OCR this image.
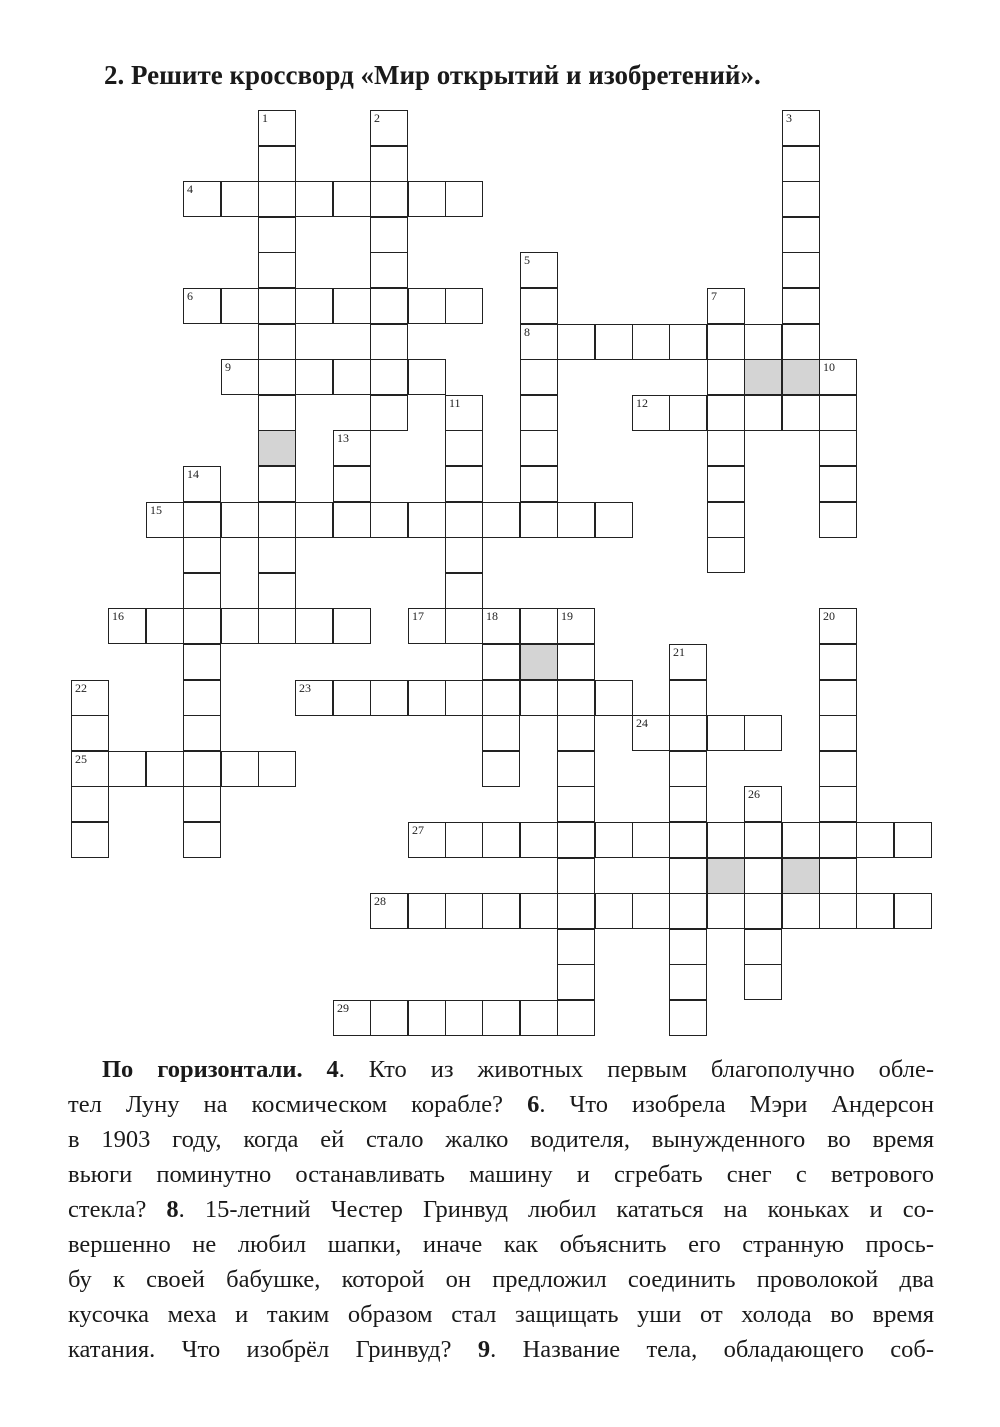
2. Решите кроссворд «Мир открытий и изобретений».
4
6
8
9
12
15
16	17	18	19
23
24
25
27
28
29
1	2	3
5
7
10
11
13
14
20
21
22
26
По горизонтали. 4. Кто из животных первым благополучно обле-
тел Луну на космическом корабле? 6. Что изобрела Мэри Андерсон
в 1903 году, когда ей стало жалко водителя, вынужденного во время
вьюги поминутно останавливать машину и сгребать снег с ветрового
стекла? 8. 15-летний Честер Гринвуд любил кататься на коньках и со-
вершенно не любил шапки, иначе как объяснить его странную прось-
бу к своей бабушке, которой он предложил соединить проволокой два
кусочка меха и таким образом стал защищать уши от холода во время
катания. Что изобрёл Гринвуд? 9. Название тела, обладающего соб-
